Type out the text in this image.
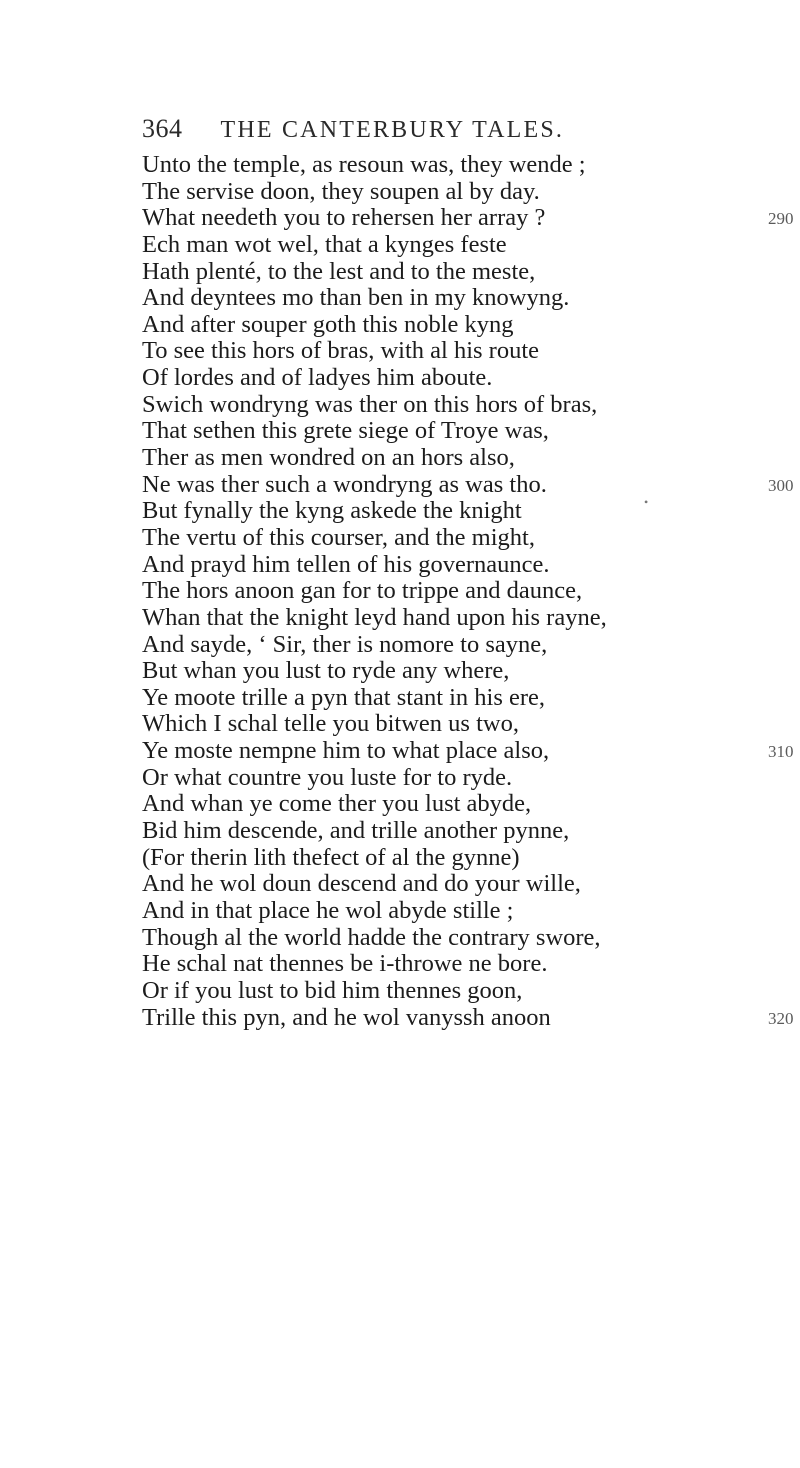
364 THE CANTERBURY TALES.
Unto the temple, as resoun was, they wende ;
The servise doon, they soupen al by day.
What needeth you to rehersen her array ?	290
Ech man wot wel, that a kynges feste
Hath plenté, to the lest and to the meste,
And deyntees mo than ben in my knowyng.
And after souper goth this noble kyng
To see this hors of bras, with al his route
Of lordes and of ladyes him aboute.
Swich wondryng was ther on this hors of bras,
That sethen this grete siege of Troye was,
Ther as men wondred on an hors also,
Ne was ther such a wondryng as was tho.	300
But fynally the kyng askede the knight
The vertu of this courser, and the might,
And prayd him tellen of his governaunce.
The hors anoon gan for to trippe and daunce,
Whan that the knight leyd hand upon his rayne,
And sayde, ‘ Sir, ther is nomore to sayne,
But whan you lust to ryde any where,
Ye moote trille a pyn that stant in his ere,
Which I schal telle you bitwen us two,
Ye moste nempne him to what place also,	310
Or what countre you luste for to ryde.
And whan ye come ther you lust abyde,
Bid him descende, and trille another pynne,
(For therin lith thefect of al the gynne)
And he wol doun descend and do your wille,
And in that place he wol abyde stille ;
Though al the world hadde the contrary swore,
He schal nat thennes be i-throwe ne bore.
Or if you lust to bid him thennes goon,
Trille this pyn, and he wol vanyssh anoon	320
•
